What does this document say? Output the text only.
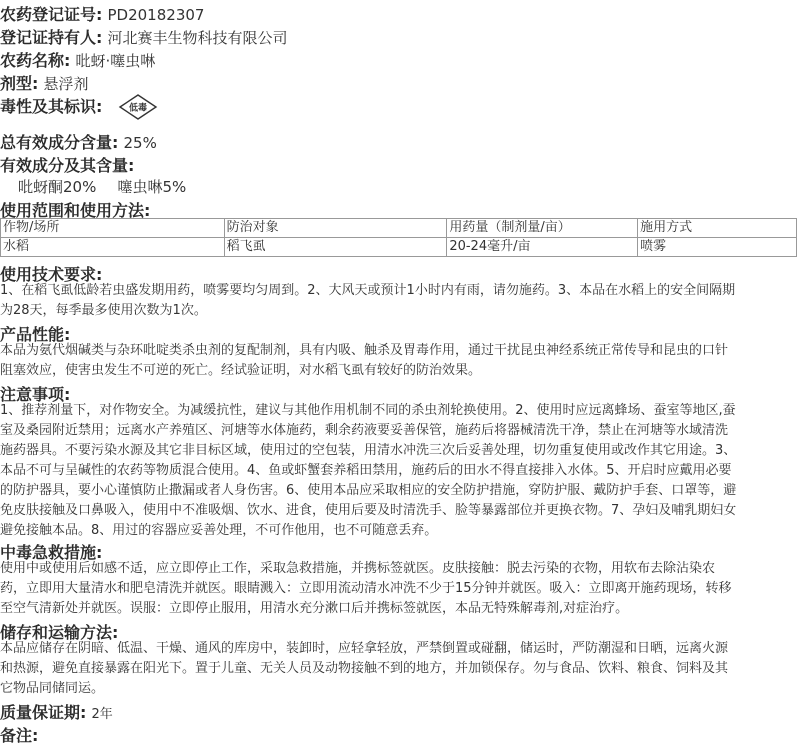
农药登记证号: PD20182307
登记证持有人: 河北赛丰生物科技有限公司
农药名称: 吡蚜·噻虫啉
剂型: 悬浮剂
毒性及其标识:	低毒
总有效成分含量: 25%
有效成分及其含量:
吡蚜酮20% 噻虫啉5%
使用范围和使用方法:
作物/场所	防治对象	用药量（制剂量/亩）	施用方式
水稻	稻飞虱	20-24毫升/亩	喷雾
使用技术要求:
1、在稻飞虱低龄若虫盛发期用药，喷雾要均匀周到。2、大风天或预计1小时内有雨，请勿施药。3、本品在水稻上的安全间隔期
为28天，每季最多使用次数为1次。
产品性能:
本品为氨代烟碱类与杂环吡啶类杀虫剂的复配制剂，具有内吸、触杀及胃毒作用，通过干扰昆虫神经系统正常传导和昆虫的口针
阻塞效应，使害虫发生不可逆的死亡。经试验证明，对水稻飞虱有较好的防治效果。
注意事项:
1、推荐剂量下，对作物安全。为减缓抗性，建议与其他作用机制不同的杀虫剂轮换使用。2、使用时应远离蜂场、蚕室等地区,蚕
室及桑园附近禁用；远离水产养殖区、河塘等水体施药，剩余药液要妥善保管，施药后将器械清洗干净，禁止在河塘等水域清洗
施药器具。不要污染水源及其它非目标区域，使用过的空包装，用清水冲洗三次后妥善处理，切勿重复使用或改作其它用途。3、
本品不可与呈碱性的农药等物质混合使用。4、鱼或虾蟹套养稻田禁用，施药后的田水不得直接排入水体。5、开启时应戴用必要
的防护器具，要小心谨慎防止撒漏或者人身伤害。6、使用本品应采取相应的安全防护措施，穿防护服、戴防护手套、口罩等，避
免皮肤接触及口鼻吸入，使用中不准吸烟、饮水、进食，使用后要及时清洗手、脸等暴露部位并更换衣物。7、孕妇及哺乳期妇女
避免接触本品。8、用过的容器应妥善处理，不可作他用，也不可随意丢弃。
中毒急救措施:
使用中或使用后如感不适，应立即停止工作，采取急救措施，并携标签就医。皮肤接触：脱去污染的衣物，用软布去除沾染农
药，立即用大量清水和肥皂清洗并就医。眼睛溅入：立即用流动清水冲洗不少于15分钟并就医。吸入：立即离开施药现场，转移
至空气清新处并就医。误服：立即停止服用，用清水充分漱口后并携标签就医，本品无特殊解毒剂,对症治疗。
储存和运输方法:
本品应储存在阴暗、低温、干燥、通风的库房中，装卸时，应轻拿轻放，严禁倒置或碰翻，储运时，严防潮湿和日晒，远离火源
和热源，避免直接暴露在阳光下。置于儿童、无关人员及动物接触不到的地方，并加锁保存。勿与食品、饮料、粮食、饲料及其
它物品同储同运。
质量保证期: 2年
备注:
